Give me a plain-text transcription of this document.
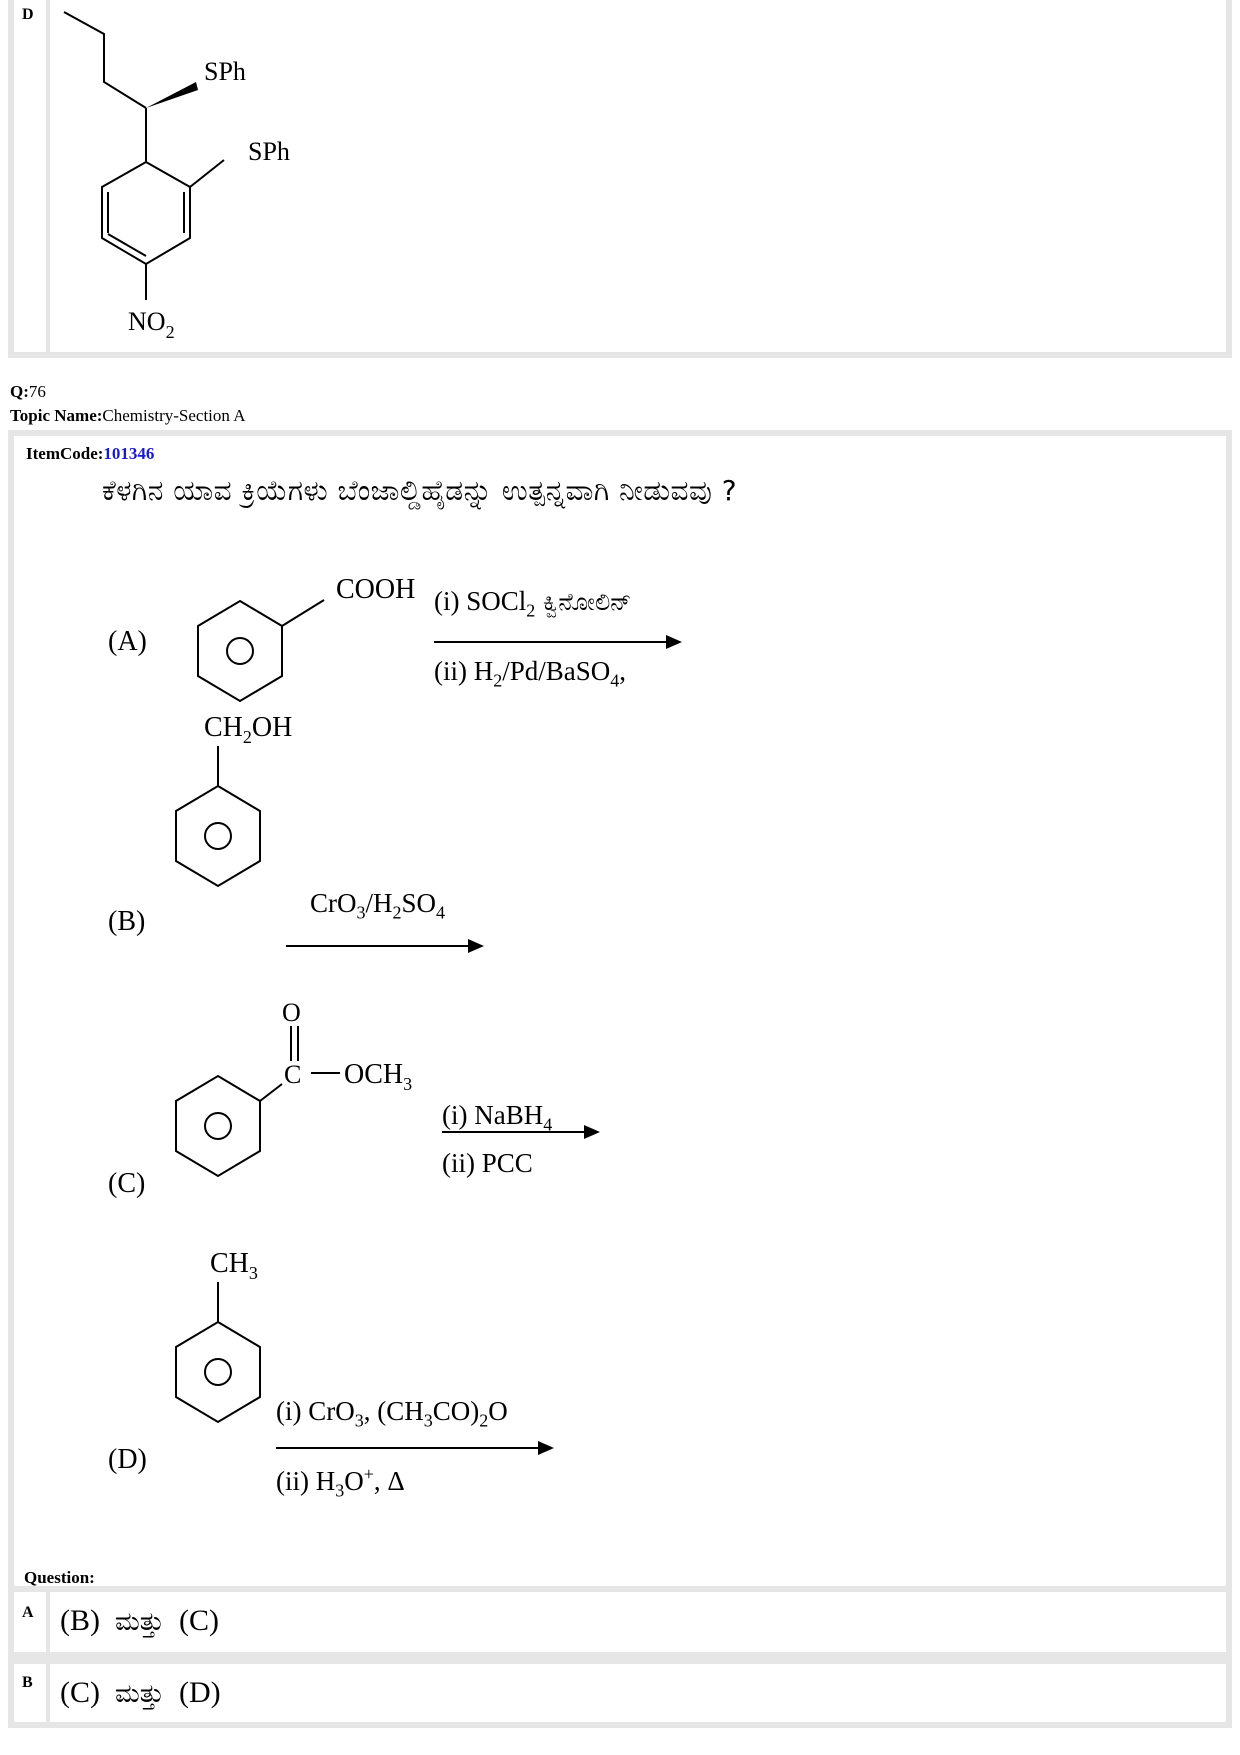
D
SPh
SPh
$NO_2$
Q:76
Topic Name:Chemistry-Section A
ItemCode:101346
ಕೆಳಗಿನ ಯಾವ ಕ್ರಿಯೆಗಳು ಬೆಂಜಾಲ್ಡಿಹೈಡನ್ನು ಉತ್ಪನ್ನವಾಗಿ ನೀಡುವವು ?
(A)
COOH (i) SOCl$_2$ ಕ್ವಿನೋಲಿನ್
(ii) $H_2/Pd/BaSO_4$,
(B)
$CH_2OH$
$CrO_3/H_2SO_4$
(C)
O
C $OCH_3$
(i) NaBH$_4$
(ii) PCC
(D)
$CH_3$
(i) CrO$_3$, $(CH_3CO)_2O$
(ii) $H_3O^+$, Δ
Question:
A (B) ಮತ್ತು (C)
B (C) ಮತ್ತು (D)
